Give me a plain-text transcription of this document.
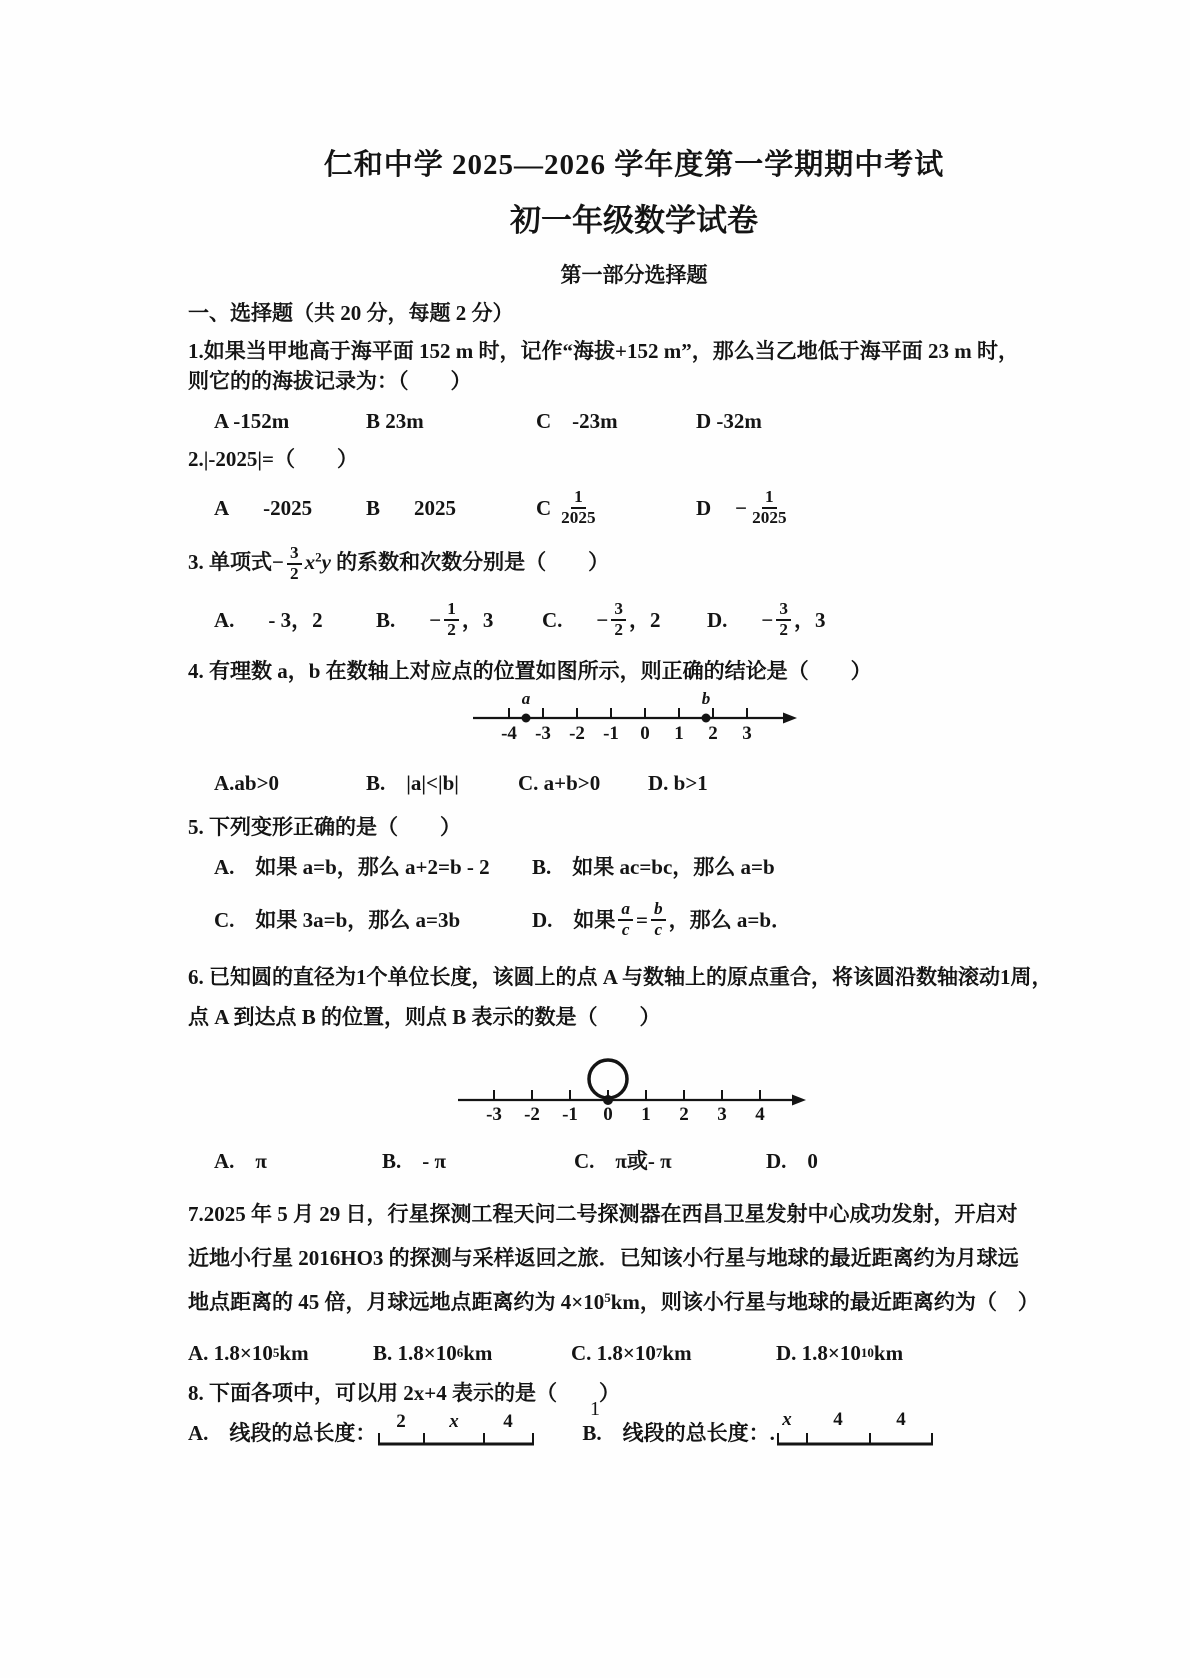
仁和中学 2025—2026 学年度第一学期期中考试
初一年级数学试卷
第一部分选择题
一、选择题（共 20 分，每题 2 分）
1.如果当甲地高于海平面 152 m 时，记作“海拔+152 m”，那么当乙地低于海平面 23 m 时，
则它的的海拔记录为：（　　）
A -152m	B 23m	C　-23m	D -32m
2.|-2025|=（　　）
A -2025	B 2025	C $\frac{1}{2025}$	$D - \frac{1}{2025}$
3. 单项式− $\frac{3}{2} x^2y$ 的系数和次数分别是（　　）
A. - 3，2	B. − $\frac{1}{2}$ ，3 C. − $\frac{3}{2}$ ，2 D. − $\frac{3}{2}$ ，3
4. 有理数 a，b 在数轴上对应点的位置如图所示，则正确的结论是（　　）
a	b
-4 -3 -2 -1 0 1 2 3
A.ab>0	B.　|a|<|b|	C. a+b>0	D. b>1
5. 下列变形正确的是（　　）
A.　如果 a=b，那么 a+2=b - 2	B.　如果 ac=bc，那么 a=b
C.　如果 3a=b，那么 a=3b	D.　如果 $\frac{a}{c} = \frac{b}{c}$ ，那么 a=b．
6. 已知圆的直径为1个单位长度，该圆上的点 A 与数轴上的原点重合，将该圆沿数轴滚动1周，
点 A 到达点 B 的位置，则点 B 表示的数是（　　）
-3 -2 -1 0 1 2 3 4
A.　π	B.　- π	C.　π或- π	D.　0
7.2025 年 5 月 29 日，行星探测工程天问二号探测器在西昌卫星发射中心成功发射，开启对
近地小行星 2016HO3 的探测与采样返回之旅．已知该小行星与地球的最近距离约为月球远
地点距离的 45 倍，月球远地点距离约为 $4\times 10^5km$，则该小行星与地球的最近距离约为（　）
A.
1.8×10 5 km	B.
1.8×10 6 km	C.
1.8×10 7 km	D.
1.8×10 10 km
8. 下面各项中，可以用 2x+4 表示的是（　　）
A.　线段的总长度： 2 x 4	B.　线段的总长度：.
x 4	4
1
